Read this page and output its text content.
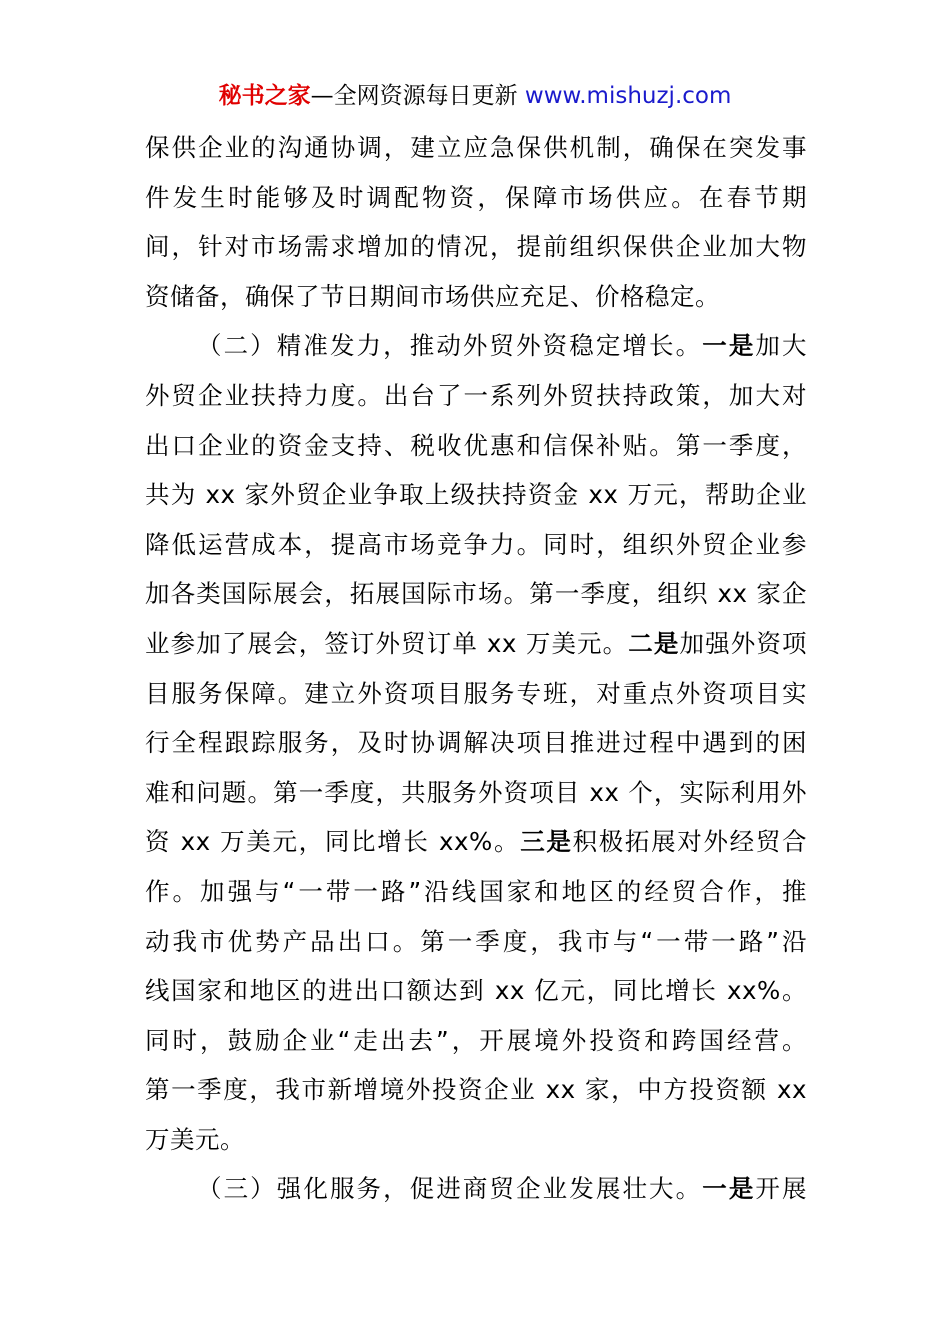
秘书之家—全网资源每日更新 www.mishuzj.com
保供企业的沟通协调，建立应急保供机制，确保在突发事
件发生时能够及时调配物资，保障市场供应。在春节期
间，针对市场需求增加的情况，提前组织保供企业加大物
资储备，确保了节日期间市场供应充足、价格稳定。
（二）精准发力，推动外贸外资稳定增长。一是加大
外贸企业扶持力度。出台了一系列外贸扶持政策，加大对
出口企业的资金支持、税收优惠和信保补贴。第一季度，
共为 xx 家外贸企业争取上级扶持资金 xx 万元，帮助企业
降低运营成本，提高市场竞争力。同时，组织外贸企业参
加各类国际展会，拓展国际市场。第一季度，组织 xx 家企
业参加了展会，签订外贸订单 xx 万美元。二是加强外资项
目服务保障。建立外资项目服务专班，对重点外资项目实
行全程跟踪服务，及时协调解决项目推进过程中遇到的困
难和问题。第一季度，共服务外资项目 xx 个，实际利用外
资 xx 万美元，同比增长 xx%。三是积极拓展对外经贸合
作。加强与“一带一路”沿线国家和地区的经贸合作，推
动我市优势产品出口。第一季度，我市与“一带一路”沿
线国家和地区的进出口额达到 xx 亿元，同比增长 xx%。
同时，鼓励企业“走出去”，开展境外投资和跨国经营。
第一季度，我市新增境外投资企业 xx 家，中方投资额 xx
万美元。
（三）强化服务，促进商贸企业发展壮大。一是开展
